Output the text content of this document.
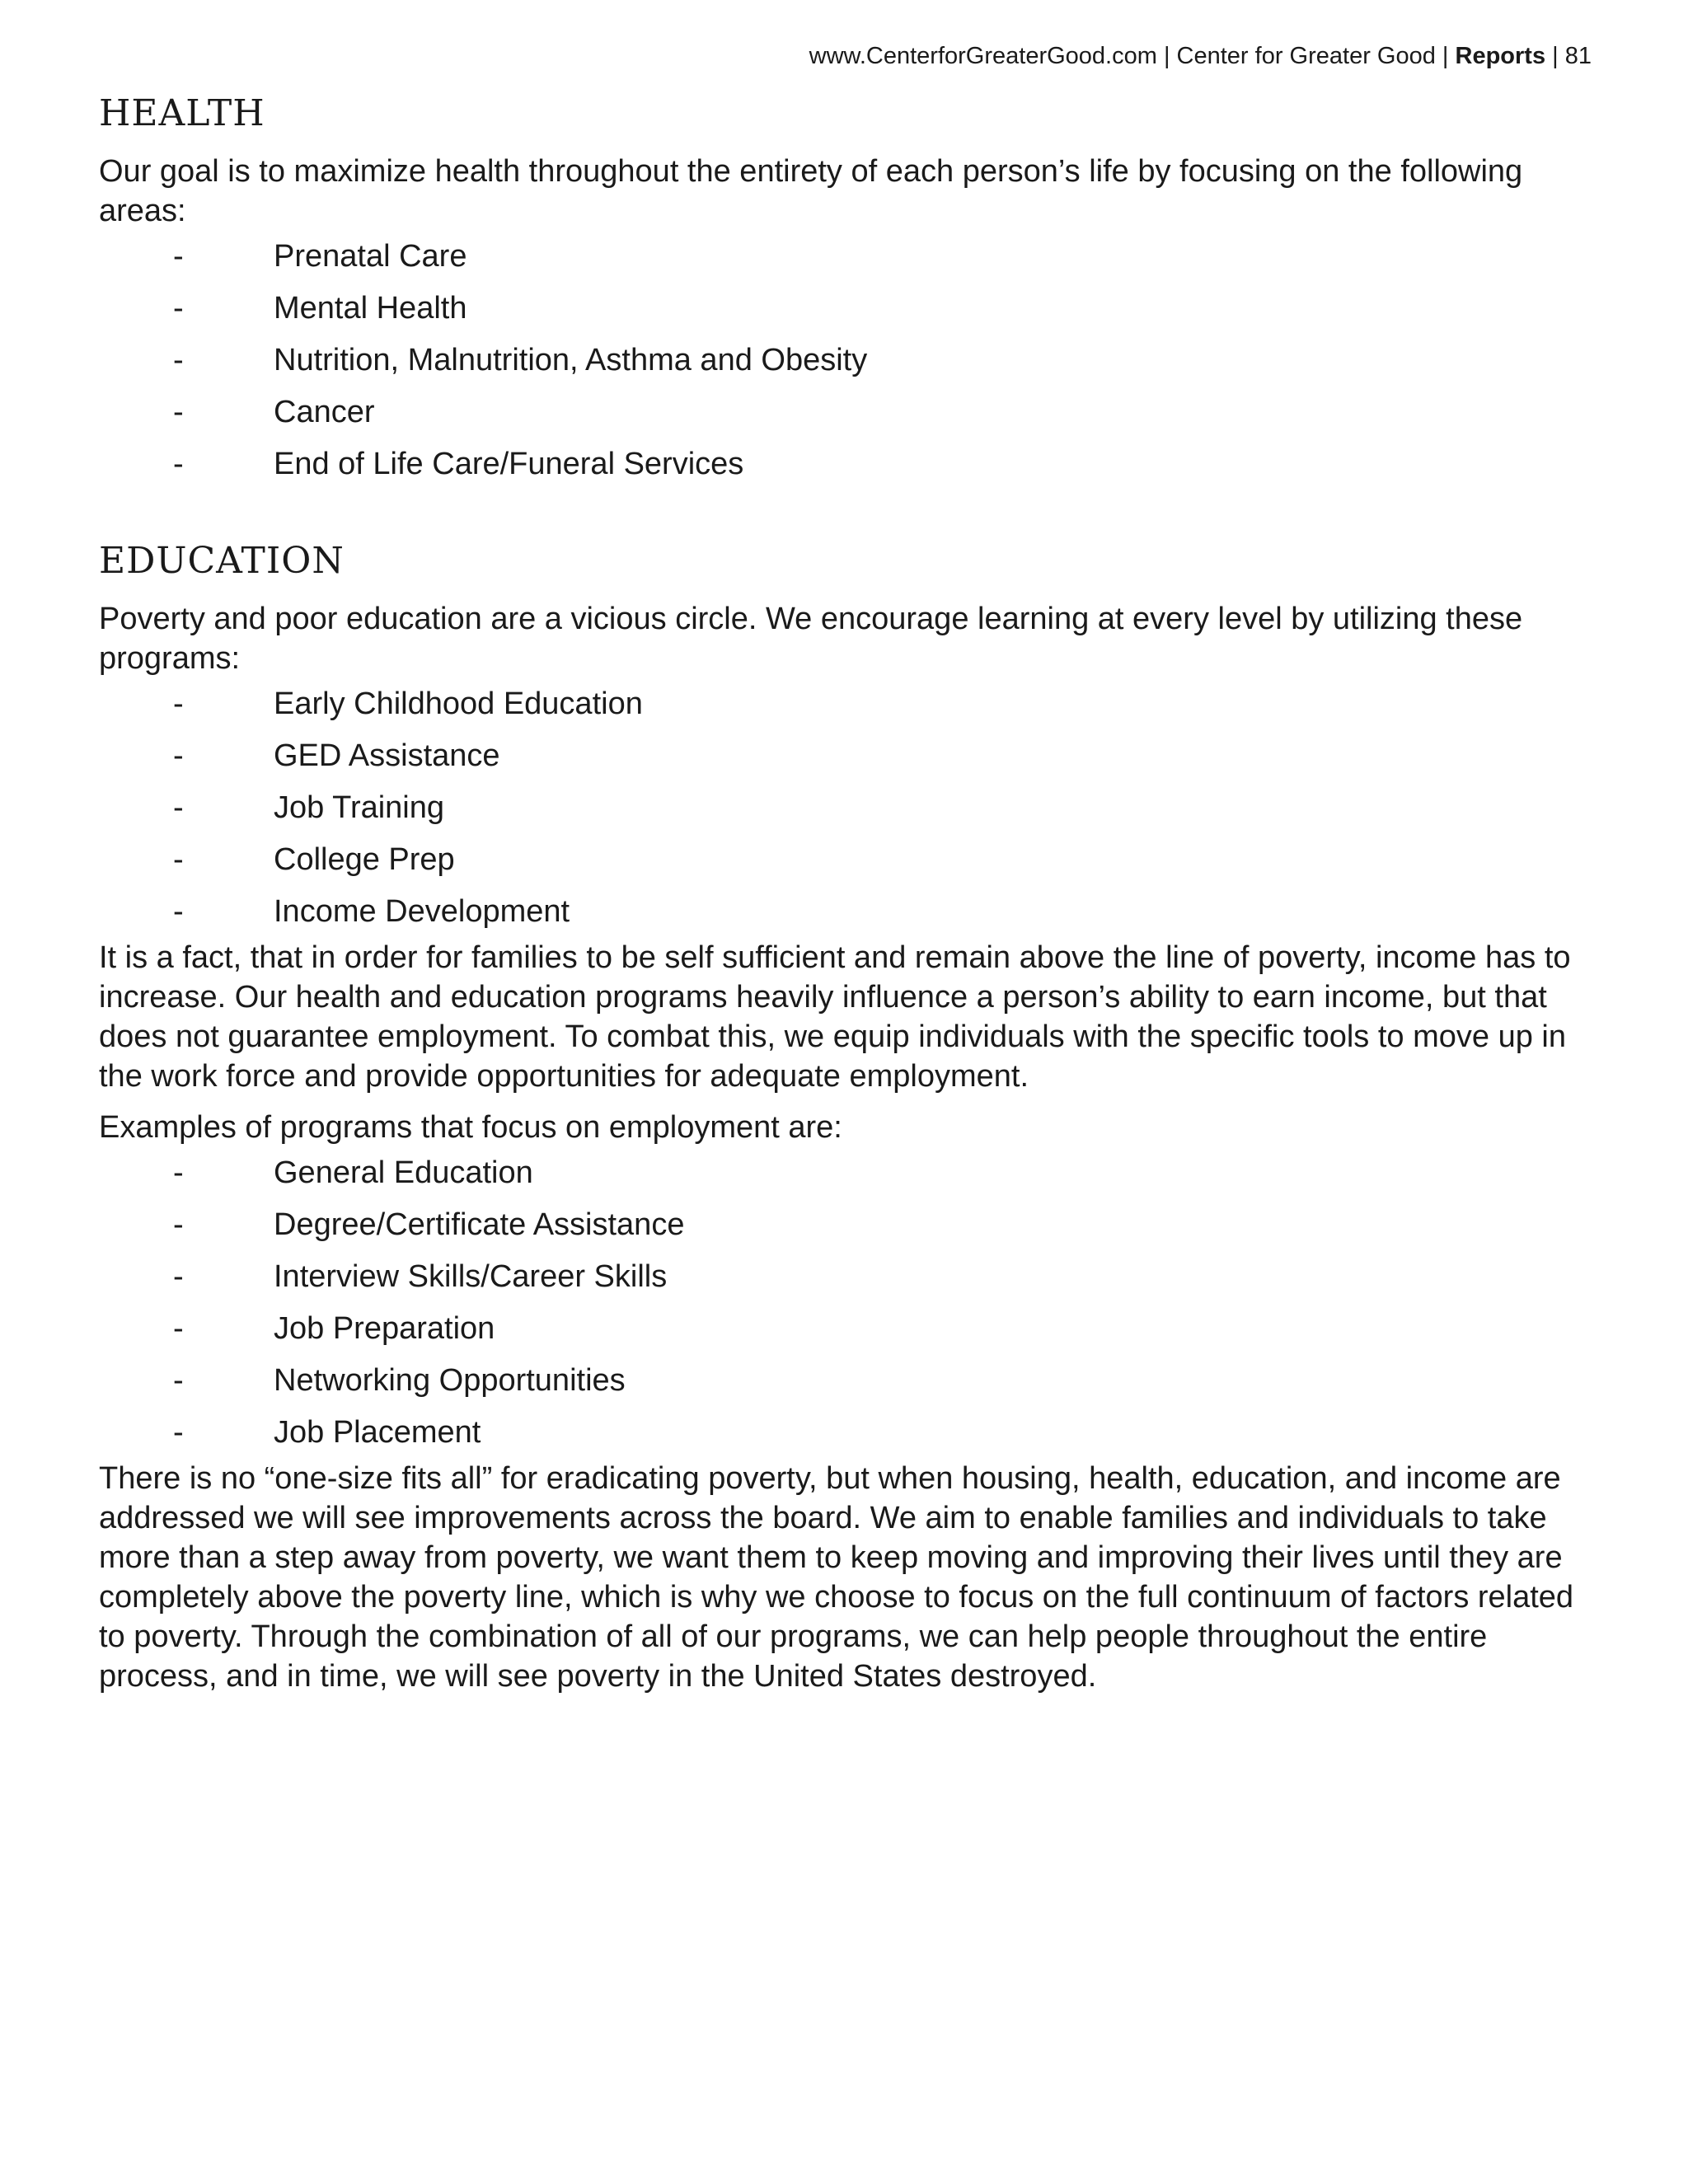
www.CenterforGreaterGood.com | Center for Greater Good | Reports | 81
HEALTH

Our goal is to maximize health throughout the entirety of each person’s life by focusing on the following areas:

-	Prenatal Care
-	Mental Health
-	Nutrition, Malnutrition, Asthma and Obesity
-	Cancer
-	End of Life Care/Funeral Services
EDUCATION

Poverty and poor education are a vicious circle. We encourage learning at every level by utilizing these programs:

-	Early Childhood Education
-	GED Assistance
-	Job Training
-	College Prep
-	Income Development

It is a fact, that in order for families to be self sufficient and remain above the line of poverty, income has to increase. Our health and education programs heavily influence a person’s ability to earn income, but that does not guarantee employment. To combat this, we equip individuals with the specific tools to move up in the work force and provide opportunities for adequate employment.

Examples of programs that focus on employment are:

-	General Education
-	Degree/Certificate Assistance
-	Interview Skills/Career Skills
-	Job Preparation
-	Networking Opportunities
-	Job Placement

There is no “one-size fits all” for eradicating poverty, but when housing, health, education, and income are addressed we will see improvements across the board. We aim to enable families and individuals to take more than a step away from poverty, we want them to keep moving and improving their lives until they are completely above the poverty line, which is why we choose to focus on the full continuum of factors related to poverty. Through the combination of all of our programs, we can help people throughout the entire process, and in time, we will see poverty in the United States destroyed.
